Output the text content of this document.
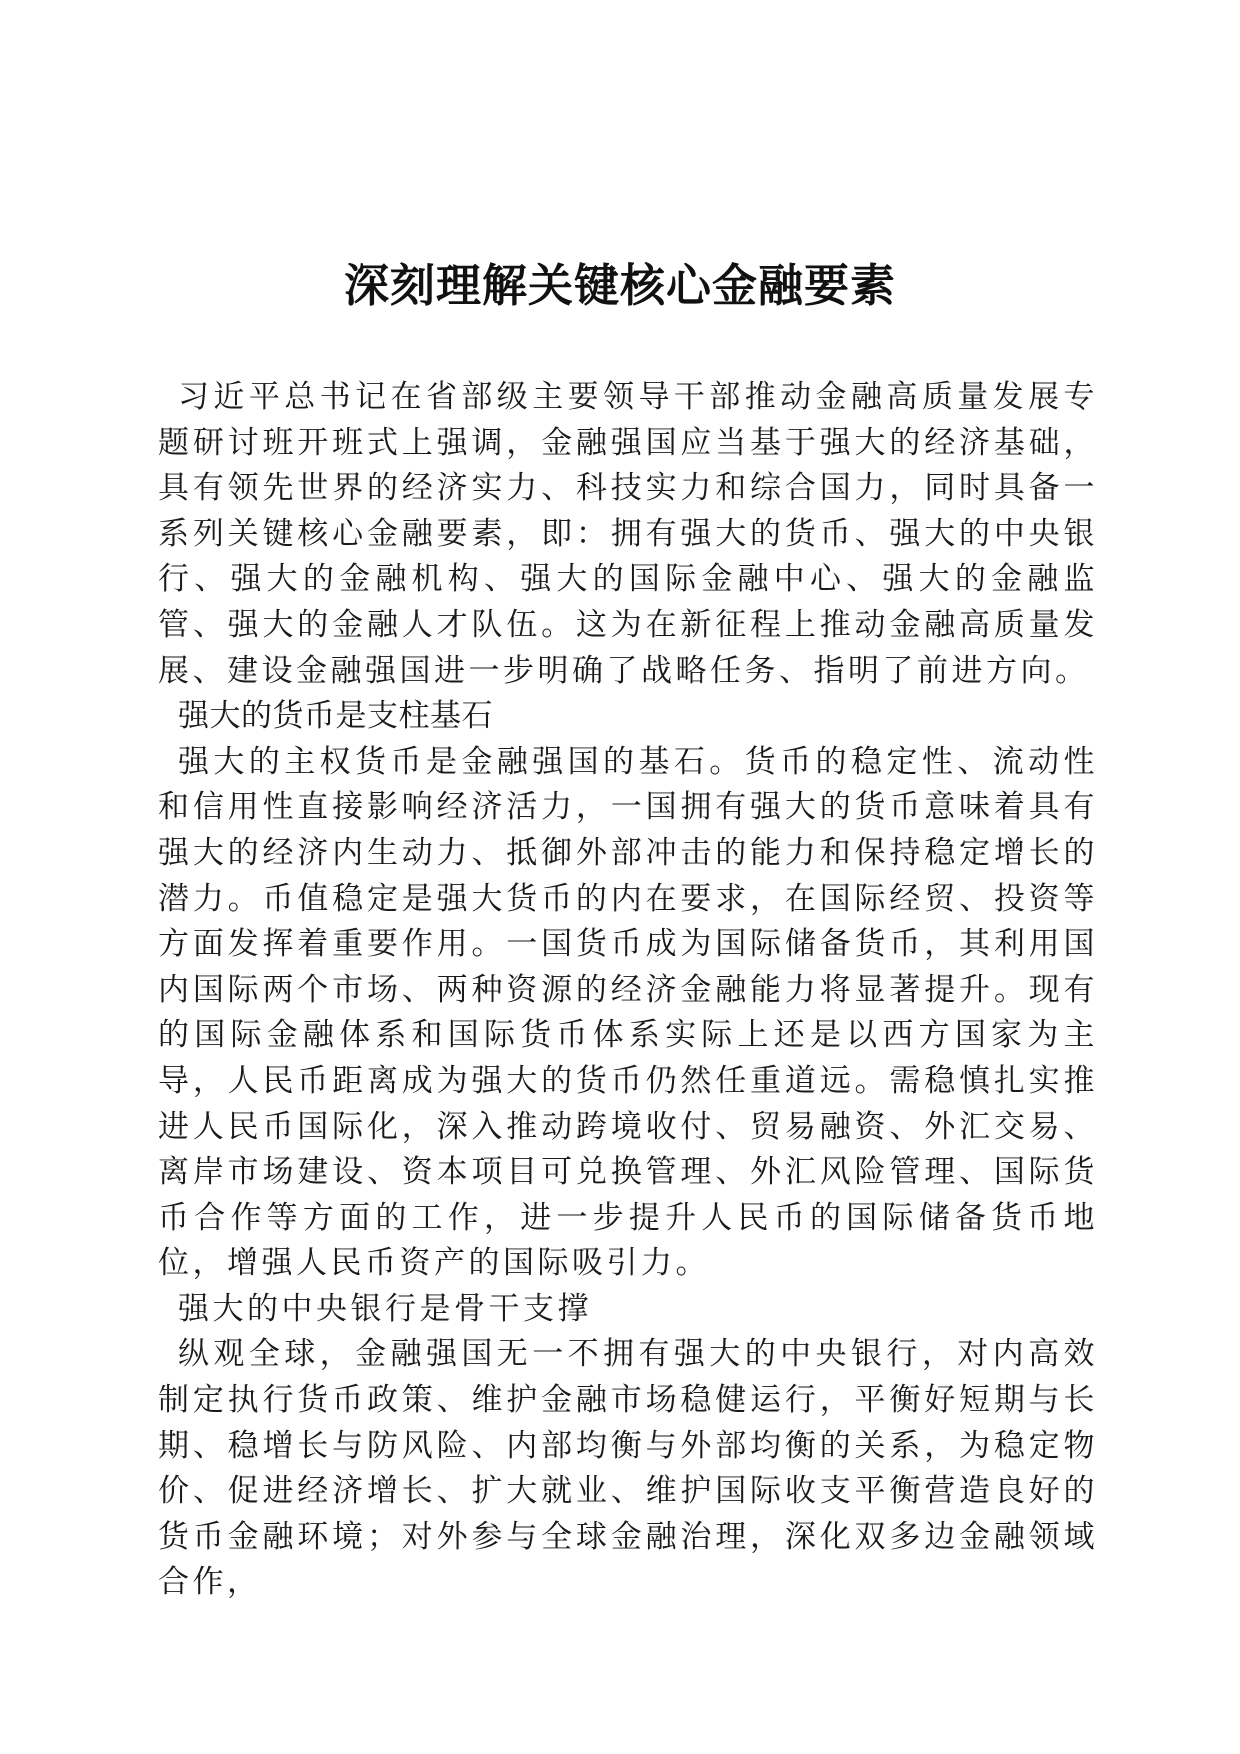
深刻理解关键核心金融要素

习近平总书记在省部级主要领导干部推动金融高质量发展专题研讨班开班式上强调，金融强国应当基于强大的经济基础，具有领先世界的经济实力、科技实力和综合国力，同时具备一系列关键核心金融要素，即：拥有强大的货币、强大的中央银行、强大的金融机构、强大的国际金融中心、强大的金融监管、强大的金融人才队伍。这为在新征程上推动金融高质量发展、建设金融强国进一步明确了战略任务、指明了前进方向。

强大的货币是支柱基石

强大的主权货币是金融强国的基石。货币的稳定性、流动性和信用性直接影响经济活力，一国拥有强大的货币意味着具有强大的经济内生动力、抵御外部冲击的能力和保持稳定增长的潜力。币值稳定是强大货币的内在要求，在国际经贸、投资等方面发挥着重要作用。一国货币成为国际储备货币，其利用国内国际两个市场、两种资源的经济金融能力将显著提升。现有的国际金融体系和国际货币体系实际上还是以西方国家为主导，人民币距离成为强大的货币仍然任重道远。需稳慎扎实推进人民币国际化，深入推动跨境收付、贸易融资、外汇交易、离岸市场建设、资本项目可兑换管理、外汇风险管理、国际货币合作等方面的工作，进一步提升人民币的国际储备货币地位，增强人民币资产的国际吸引力。

强大的中央银行是骨干支撑

纵观全球，金融强国无一不拥有强大的中央银行，对内高效制定执行货币政策、维护金融市场稳健运行，平衡好短期与长期、稳增长与防风险、内部均衡与外部均衡的关系，为稳定物价、促进经济增长、扩大就业、维护国际收支平衡营造良好的货币金融环境；对外参与全球金融治理，深化双多边金融领域合作，
